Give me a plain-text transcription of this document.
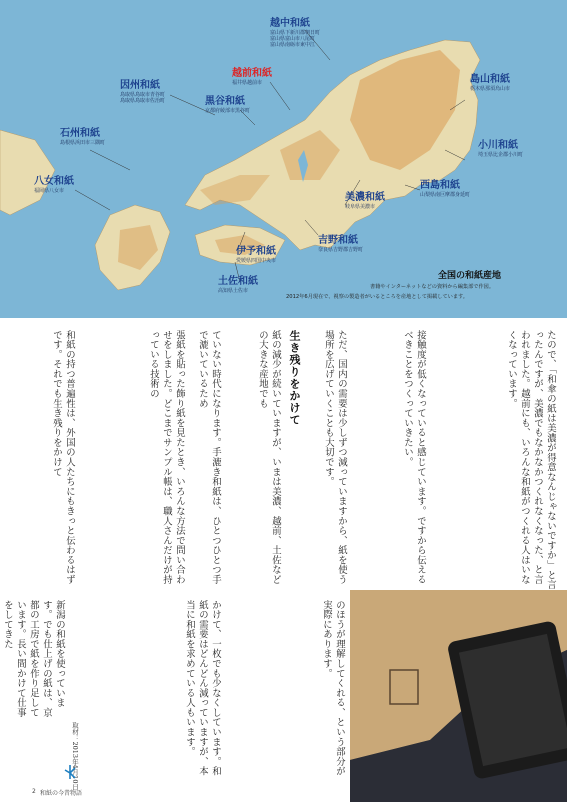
越中和紙
富山県下新川郡朝日町
富山県富山市八尾町
富山県南砺市東中江
越前和紙
福井県越前市
黒谷和紙
京都府綾部市黒谷町
因州和紙
鳥取県鳥取市青谷町
鳥取県鳥取市佐治町
石州和紙
島根県浜田市三隅町
八女和紙
福岡県八女市
島山和紙
栃木県那須烏山市
小川和紙
埼玉県比企郡小川町
西島和紙
山梨県南巨摩郡身延町
美濃和紙
岐阜県美濃市
吉野和紙
奈良県吉野郡吉野町
伊予和紙
愛媛県四国中央市
土佐和紙
高知県土佐市
全国の和紙産地
書籍やインターネットなどの資料から編集部で作図。
2012年6月現在で、視察の製造者がいるところを産地として掲載しています。

たので、「和傘の紙は美濃が得意なんじゃないですか」と言ったんですが、美濃でもなかなかつくれなくなった、と言われました。越前にも、いろんな和紙がつくれる人はいなくなっています。

接触度が低くなっていると感じています。ですから伝えるべきことをつくっていきたい。

ただ、国内の需要は少しずつ減っていますから、紙を使う場所を広げていくことも大切です。

生き残りをかけて

紙の減少が続いていますが、いまは美濃、越前、土佐などの大きな産地でも

ていない時代になります。手漉き和紙は、ひとつひとつ手で漉いているため

張紙を貼った飾り紙を見たとき、いろんな方法で問い合わせをしました。どこまでサンプル帳は、職人さんだけが持っている技術の

和紙の持つ普遍性は、外国の人たちにもきっと伝わるはずです。それでも生き残りをかけて

のほうが理解してくれる、という部分が実際にあります。

かけて、一枚でも少なくしています。和紙の需要はどんどん減っていますが、本当に和紙を求めている人もいます。

新潟の和紙を使っています。でも仕上げの紙は、京都の工房で紙を作り足しています。長い間かけて仕事をしてきた

取材：2013年4月10日
2 和紙の今昔物語
